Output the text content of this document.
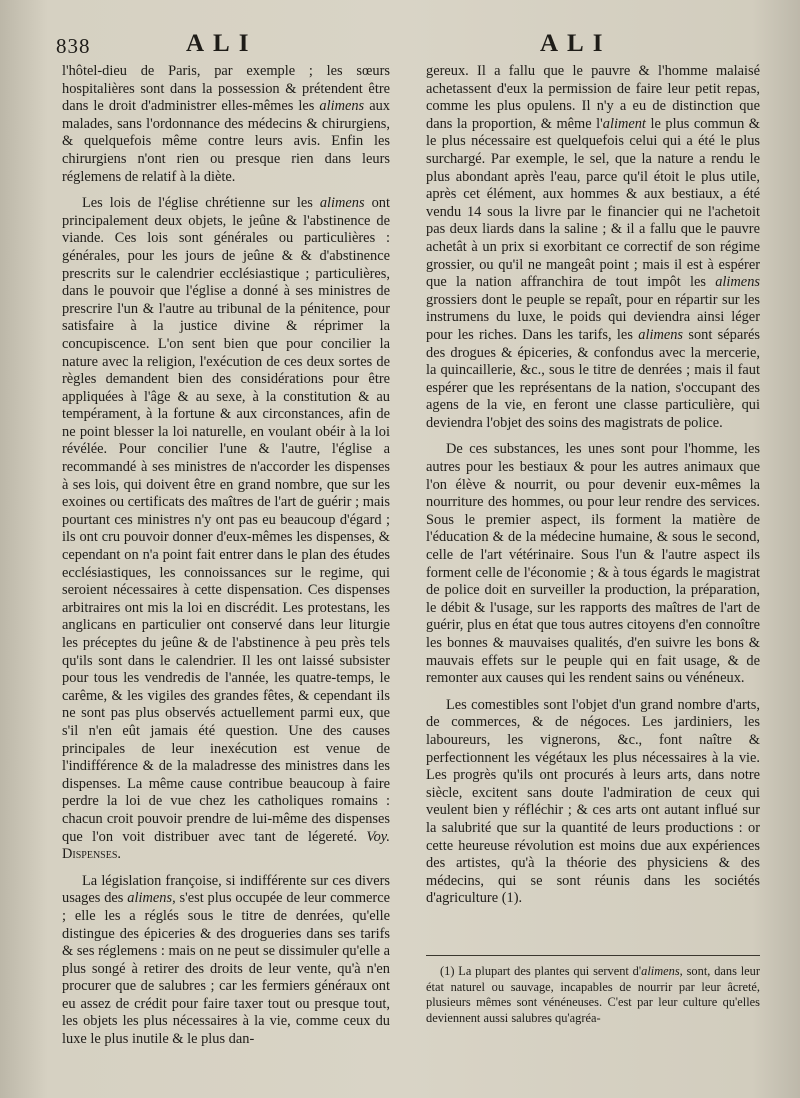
838	ALI	ALI

l'hôtel-dieu de Paris, par exemple ; les sœurs hospitalières sont dans la possession & prétendent être dans le droit d'administrer elles-mêmes les alimens aux malades, sans l'ordonnance des médecins & chirurgiens, & quelquefois même contre leurs avis. Enfin les chirurgiens n'ont rien ou presque rien dans leurs réglemens de relatif à la diète.

Les lois de l'église chrétienne sur les alimens ont principalement deux objets, le jeûne & l'abstinence de viande. Ces lois sont générales ou particulières : générales, pour les jours de jeûne & & d'abstinence prescrits sur le calendrier ecclésiastique ; particulières, dans le pouvoir que l'église a donné à ses ministres de prescrire l'un & l'autre au tribunal de la pénitence, pour satisfaire à la justice divine & réprimer la concupiscence. L'on sent bien que pour concilier la nature avec la religion, l'exécution de ces deux sortes de règles demandent bien des considérations pour être appliquées à l'âge & au sexe, à la constitution & au tempérament, à la fortune & aux circonstances, afin de ne point blesser la loi naturelle, en voulant obéir à la loi révélée. Pour concilier l'une & l'autre, l'église a recommandé à ses ministres de n'accorder les dispenses à ses lois, qui doivent être en grand nombre, que sur les exoines ou certificats des maîtres de l'art de guérir ; mais pourtant ces ministres n'y ont pas eu beaucoup d'égard ; ils ont cru pouvoir donner d'eux-mêmes les dispenses, & cependant on n'a point fait entrer dans le plan des études ecclésiastiques, les connoissances sur le regime, qui seroient nécessaires à cette dispensation. Ces dispenses arbitraires ont mis la loi en discrédit. Les protestans, les anglicans en particulier ont conservé dans leur liturgie les préceptes du jeûne & de l'abstinence à peu près tels qu'ils sont dans le calendrier. Il les ont laissé subsister pour tous les vendredis de l'année, les quatre-temps, le carême, & les vigiles des grandes fêtes, & cependant ils ne sont pas plus observés actuellement parmi eux, que s'il n'en eût jamais été question. Une des causes principales de leur inexécution est venue de l'indifférence & de la maladresse des ministres dans les dispenses. La même cause contribue beaucoup à faire perdre la loi de vue chez les catholiques romains : chacun croit pouvoir prendre de lui-même des dispenses que l'on voit distribuer avec tant de légereté. Voy. Dispenses.

La législation françoise, si indifférente sur ces divers usages des alimens, s'est plus occupée de leur commerce ; elle les a réglés sous le titre de denrées, qu'elle distingue des épiceries & des drogueries dans ses tarifs & ses réglemens : mais on ne peut se dissimuler qu'elle a plus songé à retirer des droits de leur vente, qu'à n'en procurer que de salubres ; car les fermiers généraux ont eu assez de crédit pour faire taxer tout ou presque tout, les objets les plus nécessaires à la vie, comme ceux du luxe le plus inutile & le plus dan-

gereux. Il a fallu que le pauvre & l'homme malaisé achetassent d'eux la permission de faire leur petit repas, comme les plus opulens. Il n'y a eu de distinction que dans la proportion, & même l'aliment le plus commun & le plus nécessaire est quelquefois celui qui a été le plus surchargé. Par exemple, le sel, que la nature a rendu le plus abondant après l'eau, parce qu'il étoit le plus utile, après cet élément, aux hommes & aux bestiaux, a été vendu 14 sous la livre par le financier qui ne l'achetoit pas deux liards dans la saline ; & il a fallu que le pauvre achetât à un prix si exorbitant ce correctif de son régime grossier, ou qu'il ne mangeât point ; mais il est à espérer que la nation affranchira de tout impôt les alimens grossiers dont le peuple se repaît, pour en répartir sur les instrumens du luxe, le poids qui deviendra ainsi léger pour les riches. Dans les tarifs, les alimens sont séparés des drogues & épiceries, & confondus avec la mercerie, la quincaillerie, &c., sous le titre de denrées ; mais il faut espérer que les représentans de la nation, s'occupant des agens de la vie, en feront une classe particulière, qui deviendra l'objet des soins des magistrats de police.

De ces substances, les unes sont pour l'homme, les autres pour les bestiaux & pour les autres animaux que l'on élève & nourrit, ou pour devenir eux-mêmes la nourriture des hommes, ou pour leur rendre des services. Sous le premier aspect, ils forment la matière de l'éducation & de la médecine humaine, & sous le second, celle de l'art vétérinaire. Sous l'un & l'autre aspect ils forment celle de l'économie ; & à tous égards le magistrat de police doit en surveiller la production, la préparation, le débit & l'usage, sur les rapports des maîtres de l'art de guérir, plus en état que tous autres citoyens d'en connoître les bonnes & mauvaises qualités, d'en suivre les bons & mauvais effets sur le peuple qui en fait usage, & de remonter aux causes qui les rendent sains ou vénéneux.

Les comestibles sont l'objet d'un grand nombre d'arts, de commerces, & de négoces. Les jardiniers, les laboureurs, les vignerons, &c., font naître & perfectionnent les végétaux les plus nécessaires à la vie. Les progrès qu'ils ont procurés à leurs arts, dans notre siècle, excitent sans doute l'admiration de ceux qui veulent bien y réfléchir ; & ces arts ont autant influé sur la salubrité que sur la quantité de leurs productions : or cette heureuse révolution est moins due aux expériences des artistes, qu'à la théorie des physiciens & des médecins, qui se sont réunis dans les sociétés d'agriculture (1).

(1) La plupart des plantes qui servent d'alimens, sont, dans leur état naturel ou sauvage, incapables de nourrir par leur âcreté, plusieurs mêmes sont vénéneuses. C'est par leur culture qu'elles deviennent aussi salubres qu'agréa-
